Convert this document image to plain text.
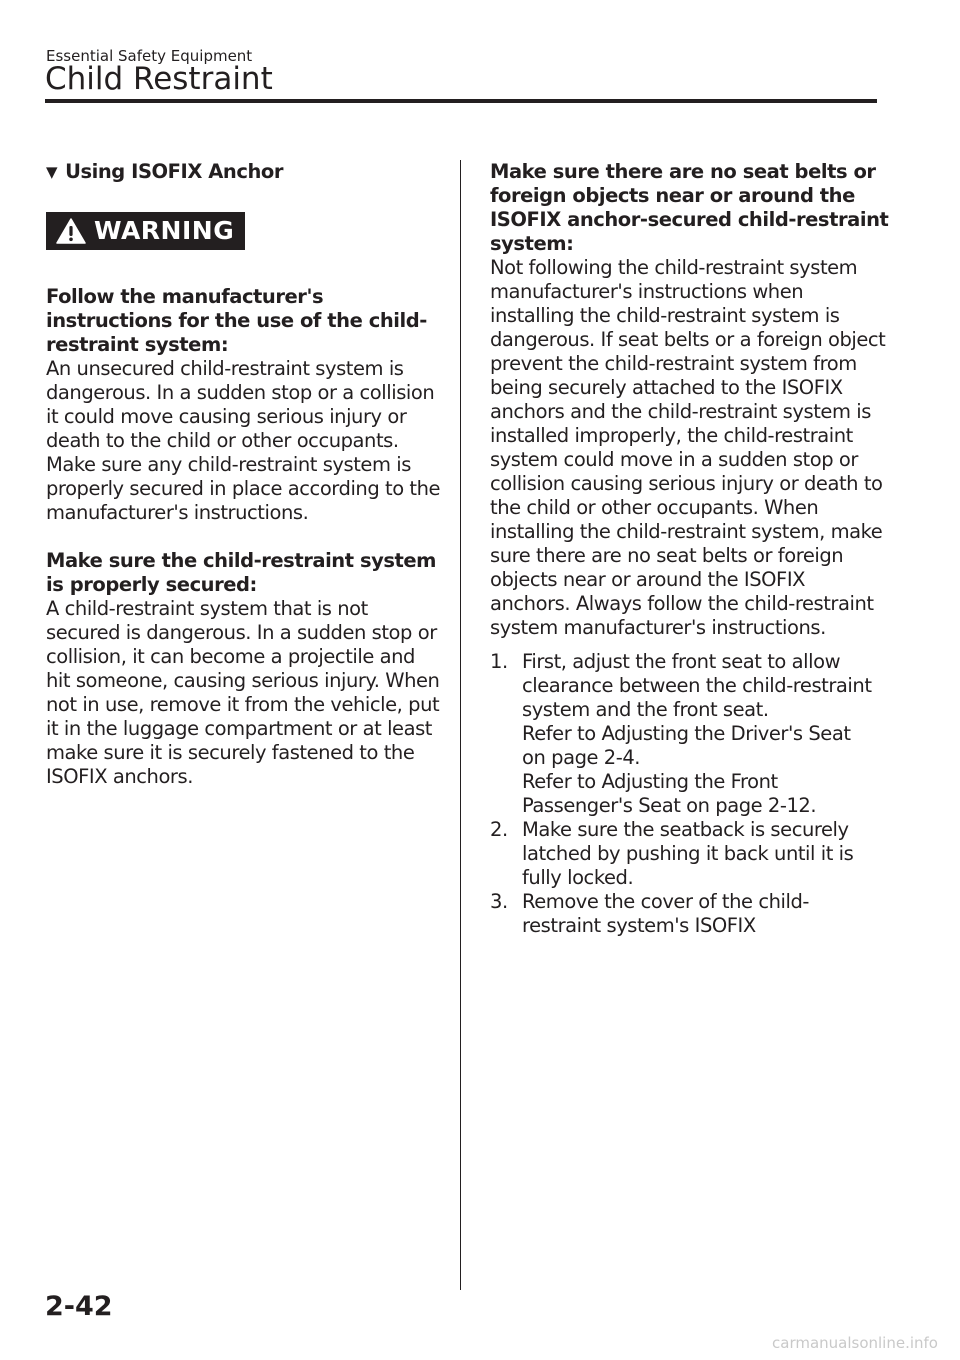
Essential Safety Equipment
Child Restraint
▼ Using ISOFIX Anchor
WARNING

Follow the manufacturer's instructions for the use of the child-restraint system:

An unsecured child-restraint system is dangerous. In a sudden stop or a collision it could move causing serious injury or death to the child or other occupants. Make sure any child-restraint system is properly secured in place according to the manufacturer's instructions.

Make sure the child-restraint system is properly secured:

A child-restraint system that is not secured is dangerous. In a sudden stop or collision, it can become a projectile and hit someone, causing serious injury. When not in use, remove it from the vehicle, put it in the luggage compartment or at least make sure it is securely fastened to the ISOFIX anchors.

Make sure there are no seat belts or foreign objects near or around the ISOFIX anchor-secured child-restraint system:

Not following the child-restraint system manufacturer's instructions when installing the child-restraint system is dangerous. If seat belts or a foreign object prevent the child-restraint system from being securely attached to the ISOFIX anchors and the child-restraint system is installed improperly, the child-restraint system could move in a sudden stop or collision causing serious injury or death to the child or other occupants. When installing the child-restraint system, make sure there are no seat belts or foreign objects near or around the ISOFIX anchors. Always follow the child-restraint system manufacturer's instructions.

1. First, adjust the front seat to allow clearance between the child-restraint system and the front seat.
Refer to Adjusting the Driver's Seat on page 2-4.
Refer to Adjusting the Front Passenger's Seat on page 2-12.
2. Make sure the seatback is securely latched by pushing it back until it is fully locked.
3. Remove the cover of the child-restraint system's ISOFIX
2-42
carmanualsonline.info
